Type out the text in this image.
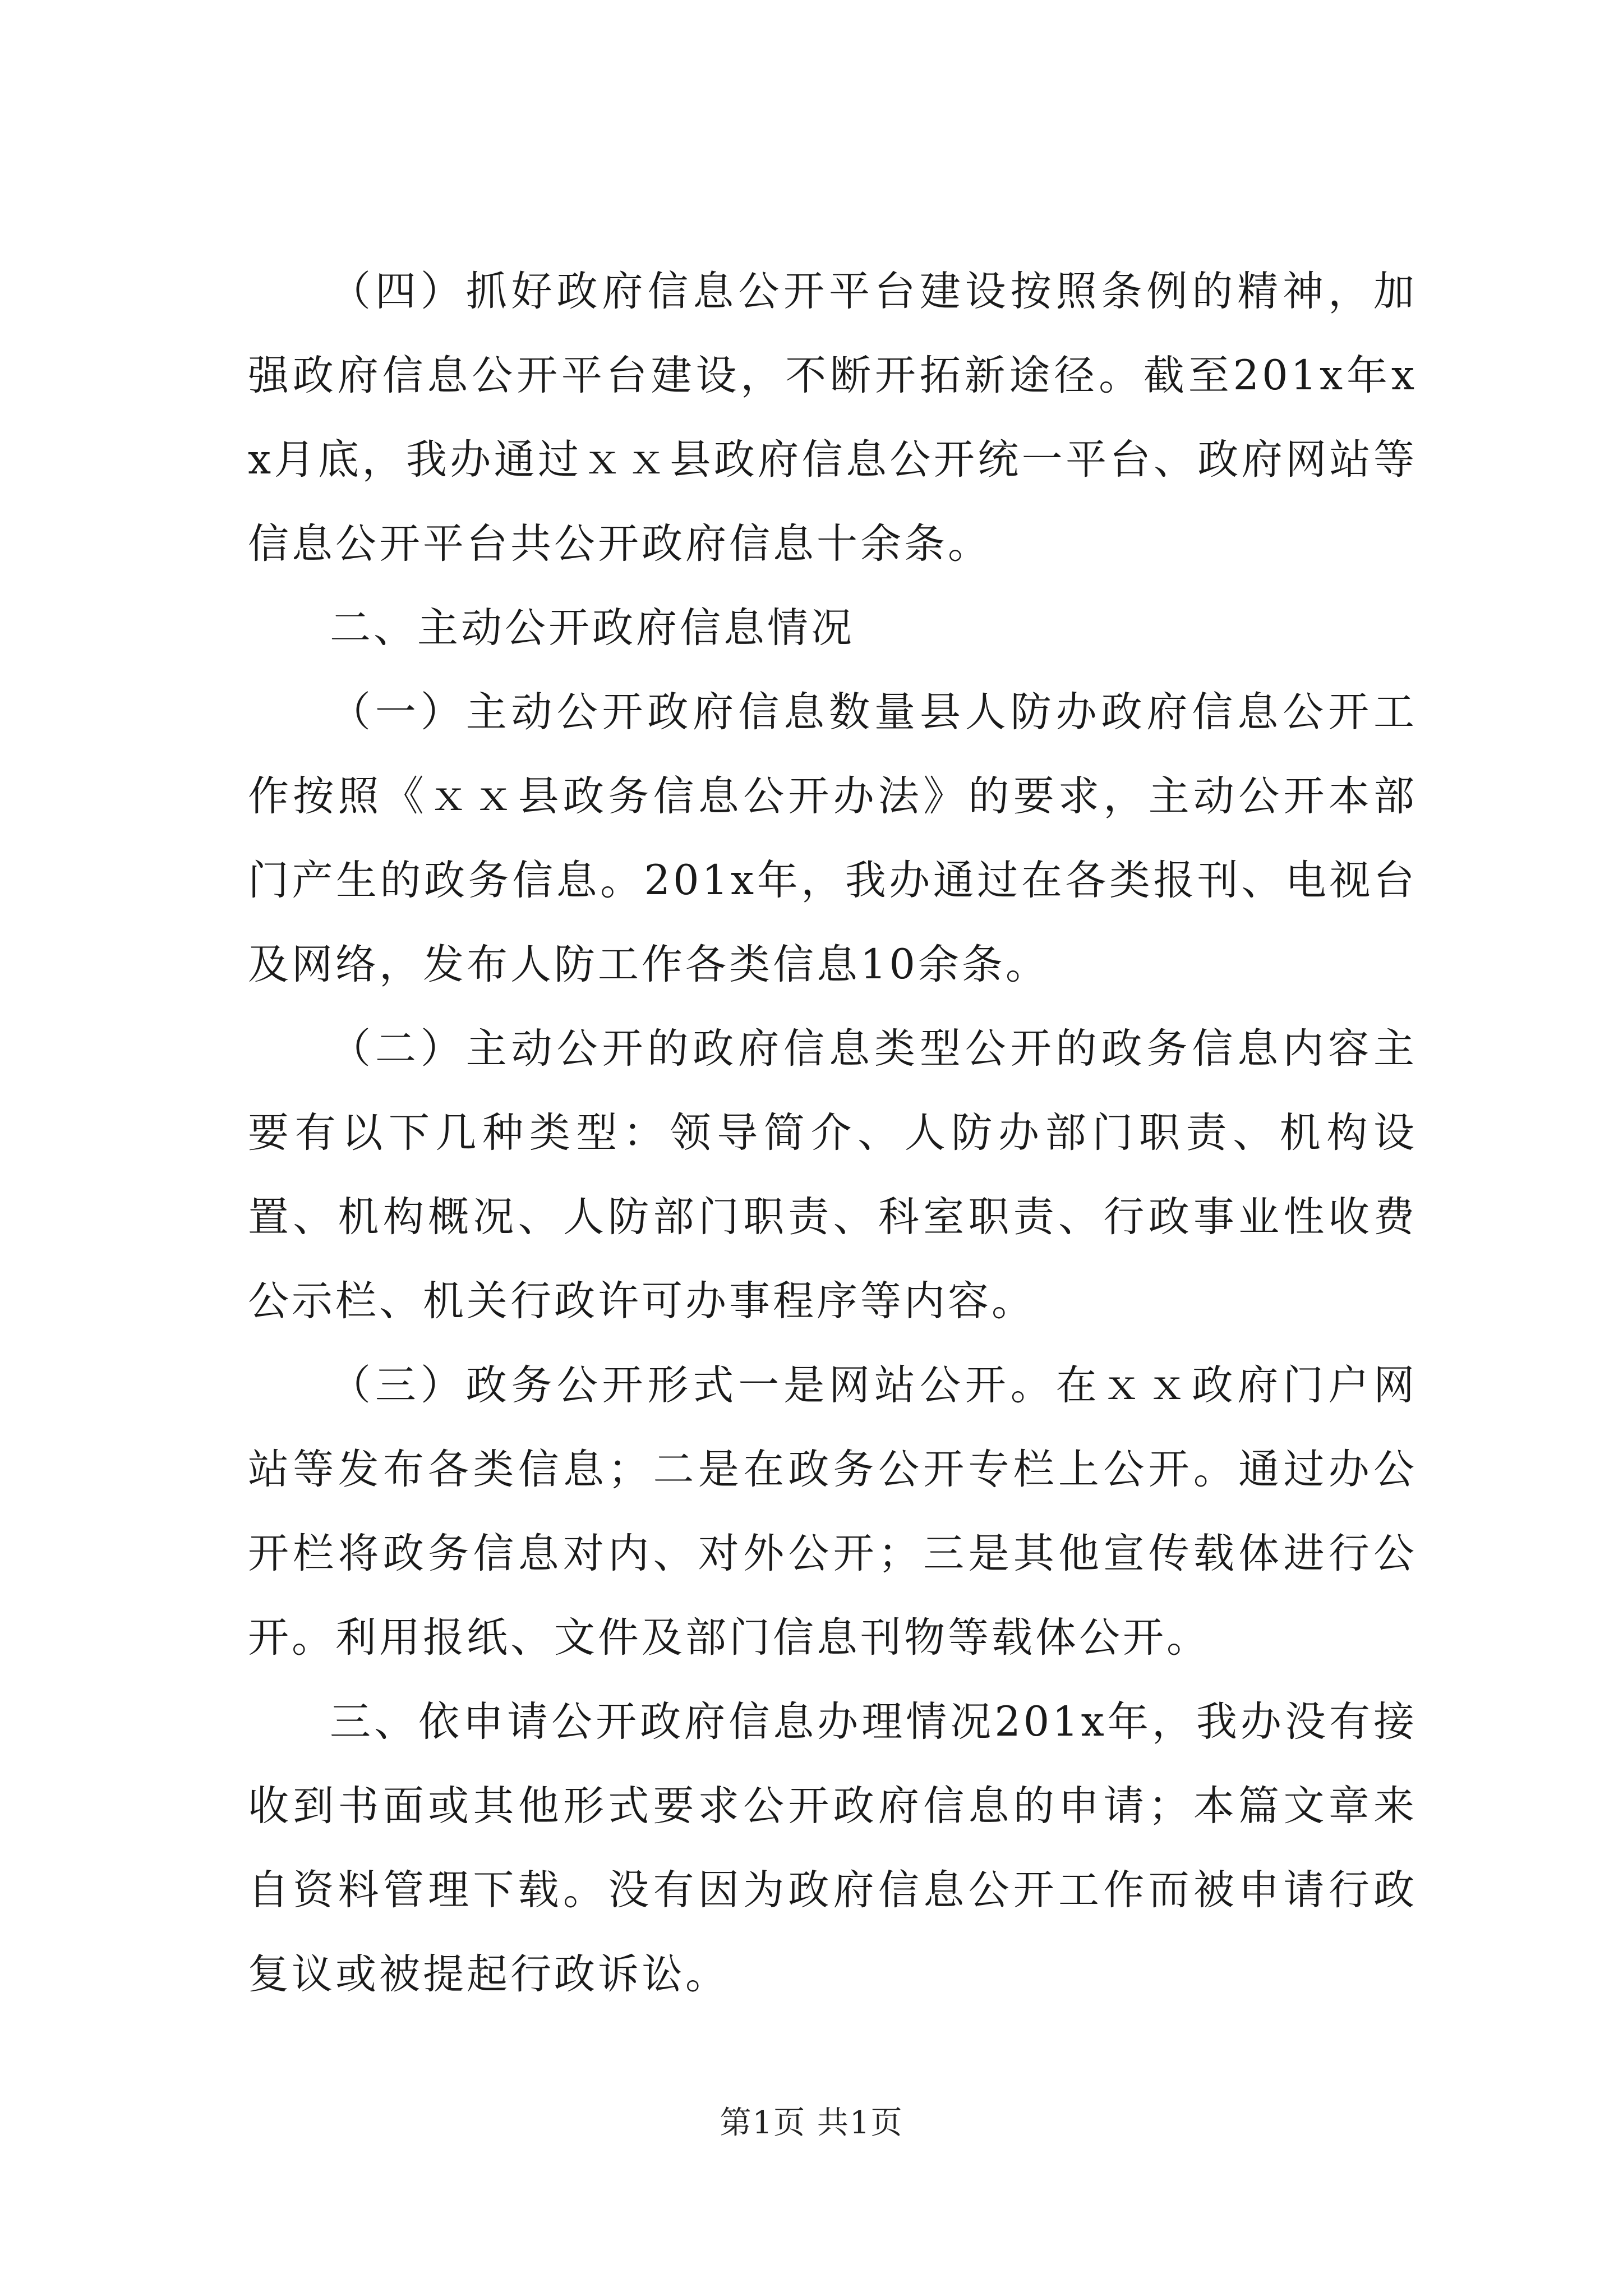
（四）抓好政府信息公开平台建设按照条例的精神，加强政府信息公开平台建设，不断开拓新途径。截至201x年xx月底，我办通过ｘｘ县政府信息公开统一平台、政府网站等信息公开平台共公开政府信息十余条。

二、主动公开政府信息情况

（一）主动公开政府信息数量县人防办政府信息公开工作按照《ｘｘ县政务信息公开办法》的要求，主动公开本部门产生的政务信息。201x年，我办通过在各类报刊、电视台及网络，发布人防工作各类信息10余条。

（二）主动公开的政府信息类型公开的政务信息内容主要有以下几种类型：领导简介、人防办部门职责、机构设置、机构概况、人防部门职责、科室职责、行政事业性收费公示栏、机关行政许可办事程序等内容。

（三）政务公开形式一是网站公开。在ｘｘ政府门户网站等发布各类信息；二是在政务公开专栏上公开。通过办公开栏将政务信息对内、对外公开；三是其他宣传载体进行公开。利用报纸、文件及部门信息刊物等载体公开。

三、依申请公开政府信息办理情况201x年，我办没有接收到书面或其他形式要求公开政府信息的申请；本篇文章来自资料管理下载。没有因为政府信息公开工作而被申请行政复议或被提起行政诉讼。

第1页 共1页
